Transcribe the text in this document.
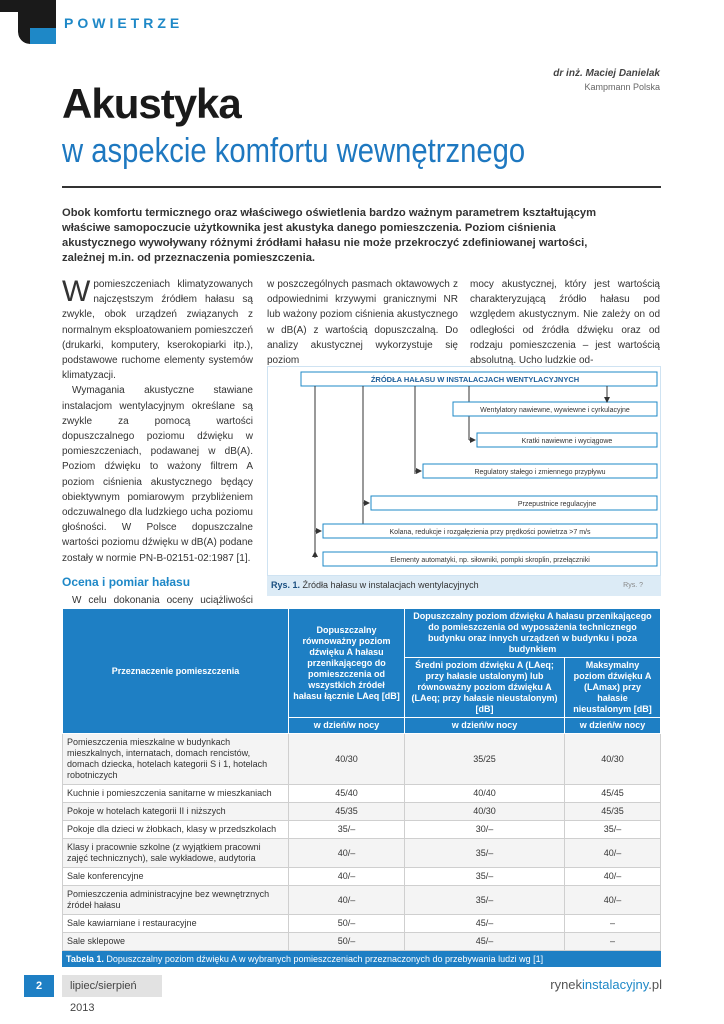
POWIETRZE
dr inż. Maciej Danielak
Kampmann Polska
Akustyka
w aspekcie komfortu wewnętrznego
Obok komfortu termicznego oraz właściwego oświetlenia bardzo ważnym parametrem kształtującym właściwe samopoczucie użytkownika jest akustyka danego pomieszczenia. Poziom ciśnienia akustycznego wywoływany różnymi źródłami hałasu nie może przekroczyć zdefiniowanej wartości, zależnej m.in. od przeznaczenia pomieszczenia.
W pomieszczeniach klimatyzowanych najczęstszym źródłem hałasu są zwykle, obok urządzeń związanych z normalnym eksploatowaniem pomieszczeń (drukarki, komputery, kserokopiarki itp.), podstawowe ruchome elementy systemów klimatyzacji.

Wymagania akustyczne stawiane instalacjom wentylacyjnym określane są zwykle za pomocą wartości dopuszczalnego poziomu dźwięku w pomieszczeniach, podawanej w dB(A). Poziom dźwięku to ważony filtrem A poziom ciśnienia akustycznego będący obiektywnym pomiarowym przybliżeniem odczuwalnego dla ludzkiego ucha poziomu głośności. W Polsce dopuszczalne wartości poziomu dźwięku w dB(A) podane zostały w normie PN-B-02151-02:1987 [1].

Ocena i pomiar hałasu

W celu dokonania oceny uciążliwości

w poszczególnych pasmach oktawowych z odpowiednimi krzywymi granicznymi NR lub ważony poziom ciśnienia akustycznego w dB(A) z wartością dopuszczalną. Do analizy akustycznej wykorzystuje się poziom

mocy akustycznej, który jest wartością charakteryzującą źródło hałasu pod względem akustycznym. Nie zależy on od odległości od źródła dźwięku oraz od rodzaju pomieszczenia – jest wartością absolutną. Ucho ludzkie od-

ŹRÓDŁA HAŁASU W INSTALACJACH WENTYLACYJNYCH
Wentylatory nawiewne, wywiewne i cyrkulacyjne
Kratki nawiewne i wyciągowe
Regulatory stałego i zmiennego przypływu
Przepustnice regulacyjne
Kolana, redukcje i rozgałęzienia przy prędkości powietrza >7 m/s
Elementy automatyki, np. siłowniki, pompki skroplin, przełączniki
Rys. 1. Źródła hałasu w instalacjach wentylacyjnych	Rys. ?
Przeznaczenie pomieszczenia	Dopuszczalny równoważny poziom dźwięku A hałasu przenikającego do pomieszczenia od wszystkich źródeł hałasu łącznie LAeq [dB]	Dopuszczalny poziom dźwięku A hałasu przenikającego do pomieszczenia od wyposażenia technicznego budynku oraz innych urządzeń w budynku i poza budynkiem	
		Średni poziom dźwięku A (LAeq; przy hałasie ustalonym) lub równoważny poziom dźwięku A (LAeq; przy hałasie nieustalonym) [dB]	Maksymalny poziom dźwięku A (LAmax) przy hałasie nieustalonym [dB]
	w dzień/w nocy	w dzień/w nocy	w dzień/w nocy
Pomieszczenia mieszkalne w budynkach mieszkalnych, internatach, domach rencistów, domach dziecka, hotelach kategorii S i 1, hotelach robotniczych	40/30	35/25	40/30
Kuchnie i pomieszczenia sanitarne w mieszkaniach	45/40	40/40	45/45
Pokoje w hotelach kategorii II i niższych	45/35	40/30	45/35
Pokoje dla dzieci w żłobkach, klasy w przedszkolach	35/–	30/–	35/–
Klasy i pracownie szkolne (z wyjątkiem pracowni zajęć technicznych), sale wykładowe, audytoria	40/–	35/–	40/–
Sale konferencyjne	40/–	35/–	40/–
Pomieszczenia administracyjne bez wewnętrznych źródeł hałasu	40/–	35/–	40/–
Sale kawiarniane i restauracyjne	50/–	45/–	–
Sale sklepowe	50/–	45/–	–
Tabela 1. Dopuszczalny poziom dźwięku A w wybranych pomieszczeniach przeznaczonych do przebywania ludzi wg [1]
2	lipiec/sierpień 2013
rynekinstalacyjny.pl
